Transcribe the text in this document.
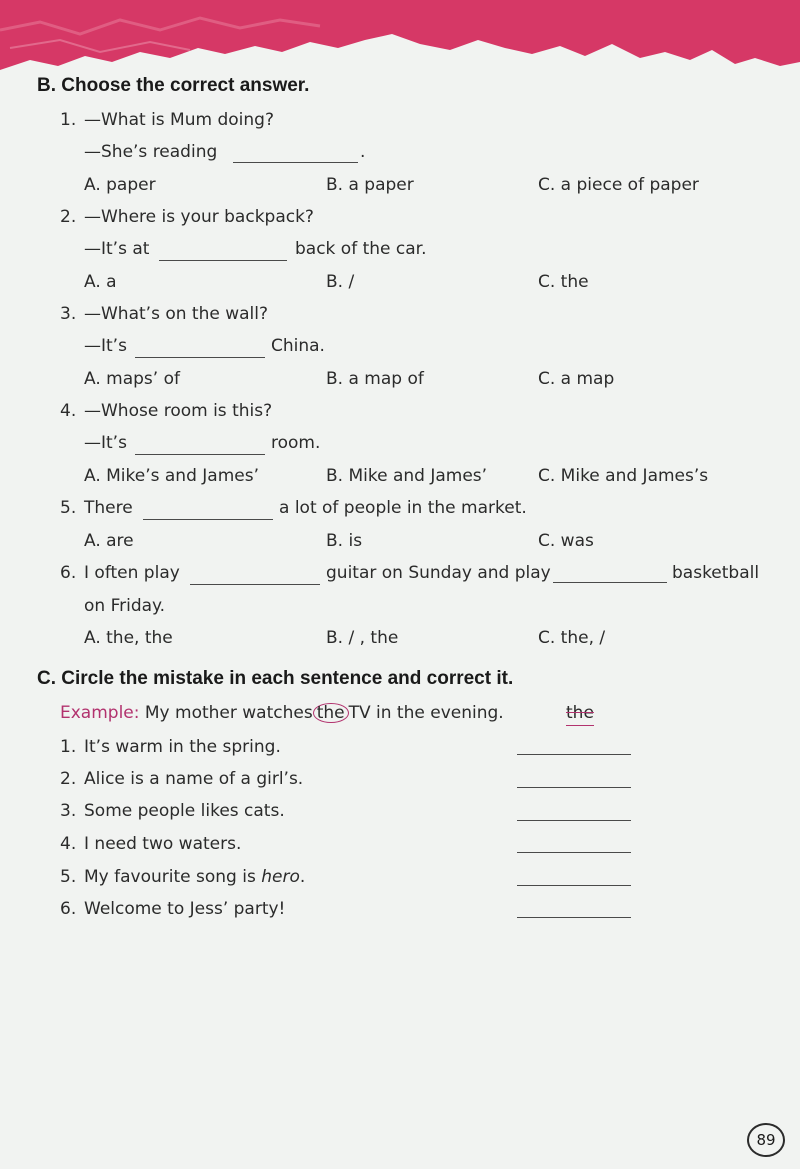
B. Choose the correct answer.
1. —What is Mum doing?
—She’s reading	.
A. paper	B. a paper	C. a piece of paper
2. —Where is your backpack?
—It’s at	back of the car.
A. a	B. /	C. the
3. —What’s on the wall?
—It’s	China.
A. maps’ of	B. a map of	C. a map
4. —Whose room is this?
—It’s	room.
A. Mike’s and James’	B. Mike and James’	C. Mike and James’s
5. There	a lot of people in the market.
A. are	B. is	C. was
6. I often play	guitar on Sunday and play	basketball
on Friday.
A. the, the	B. / , the	C. the, /
C. Circle the mistake in each sentence and correct it.
Example: My mother watches the TV in the evening.	the
1. It’s warm in the spring.
2. Alice is a name of a girl’s.
3. Some people likes cats.
4. I need two waters.
5. My favourite song is hero.
6. Welcome to Jess’ party!
89
